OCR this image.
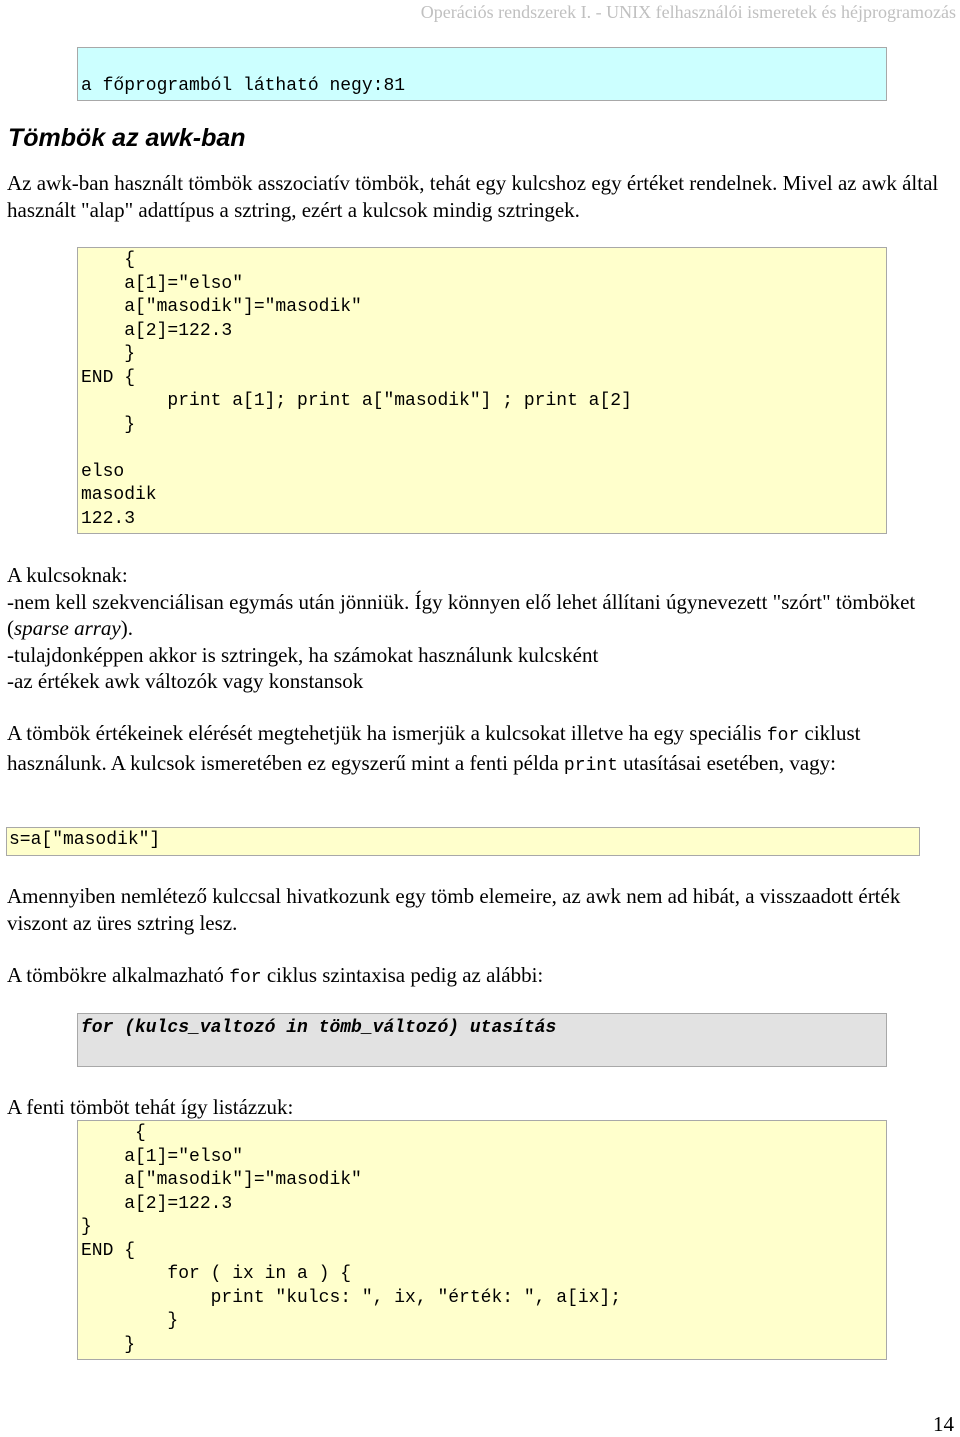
Operációs rendszerek I. - UNIX felhasználói ismeretek és héjprogramozás
a főprogramból látható negy:81
Tömbök az awk-ban
Az awk-ban használt tömbök asszociatív tömbök, tehát egy kulcshoz egy értéket rendelnek. Mivel az awk által használt "alap" adattípus a sztring, ezért a kulcsok mindig sztringek.
{
a[1]="elso"
a["masodik"]="masodik"
a[2]=122.3
}
END {
print a[1]; print a["masodik"] ; print a[2]
}

elso
masodik
122.3
A kulcsoknak:
-nem kell szekvenciálisan egymás után jönniük. Így könnyen elő lehet állítani úgynevezett "szórt" tömböket (sparse array).
-tulajdonképpen akkor is sztringek, ha számokat használunk kulcsként
-az értékek awk változók vagy konstansok
A tömbök értékeinek elérését megtehetjük ha ismerjük a kulcsokat illetve ha egy speciális for ciklust használunk. A kulcsok ismeretében ez egyszerű mint a fenti példa print utasításai esetében, vagy:
s=a["masodik"]
Amennyiben nemlétező kulccsal hivatkozunk egy tömb elemeire, az awk nem ad hibát, a visszaadott érték viszont az üres sztring lesz.
A tömbökre alkalmazható for ciklus szintaxisa pedig az alábbi:
for (kulcs_valtozó in tömb_változó) utasítás
A fenti tömböt tehát így listázzuk:
{
a[1]="elso"
a["masodik"]="masodik"
a[2]=122.3
}
END {
for ( ix in a ) {
print "kulcs: ", ix, "érték: ", a[ix];
}
}
14
